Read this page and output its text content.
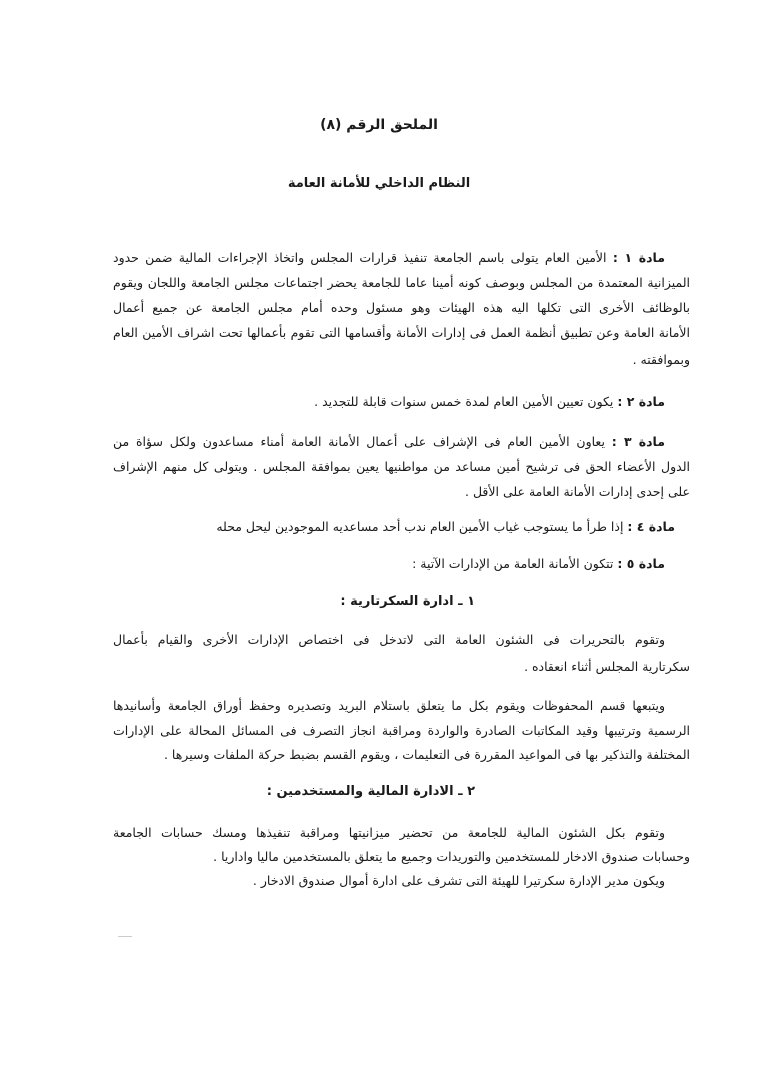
الملحق الرقم (٨)
النظام الداخلي للأمانة العامة
مادة ١ : الأمين العام يتولى باسم الجامعة تنفيذ قرارات المجلس واتخاذ الإجراءات المالية ضمن حدود
الميزانية المعتمدة من المجلس وبوصف كونه أمينا عاما للجامعة يحضر اجتماعات مجلس الجامعة واللجان ويقوم
بالوظائف الأخرى التى تكلها اليه هذه الهيئات وهو مسئول وحده أمام مجلس الجامعة عن جميع أعمال
الأمانة العامة وعن تطبيق أنظمة العمل فى إدارات الأمانة وأقسامها التى تقوم بأعمالها تحت اشراف الأمين العام
وبموافقته .
مادة ٢ : يكون تعيين الأمين العام لمدة خمس سنوات قابلة للتجديد .
مادة ٣ : يعاون الأمين العام فى الإشراف على أعمال الأمانة العامة أمناء مساعدون ولكل سؤاة من
الدول الأعضاء الحق فى ترشيح أمين مساعد من مواطنيها يعين بموافقة المجلس . ويتولى كل منهم الإشراف
على إحدى إدارات الأمانة العامة على الأقل .
مادة ٤ : إذا طرأ ما يستوجب غياب الأمين العام ندب أحد مساعديه الموجودين ليحل محله
مادة ٥ : تتكون الأمانة العامة من الإدارات الآتية :
١ ـ ادارة السكرتارية :
وتقوم بالتحريرات فى الشئون العامة التى لاتدخل فى اختصاص الإدارات الأخرى والقيام بأعمال
سكرتارية المجلس أثناء انعقاده .
ويتبعها قسم المحفوظات ويقوم بكل ما يتعلق باستلام البريد وتصديره وحفظ أوراق الجامعة وأسانيدها
الرسمية وترتيبها وقيد المكاتبات الصادرة والواردة ومراقبة انجاز التصرف فى المسائل المحالة على الإدارات
المختلفة والتذكير بها فى المواعيد المقررة فى التعليمات ، ويقوم القسم بضبط حركة الملفات وسيرها .
٢ ـ الادارة المالية والمستخدمين :
وتقوم بكل الشئون المالية للجامعة من تحضير ميزانيتها ومراقبة تنفيذها ومسك حسابات الجامعة
وحسابات صندوق الادخار للمستخدمين والتوريدات وجميع ما يتعلق بالمستخدمين ماليا واداريا .
ويكون مدير الإدارة سكرتيرا للهيئة التى تشرف على ادارة أموال صندوق الادخار .
